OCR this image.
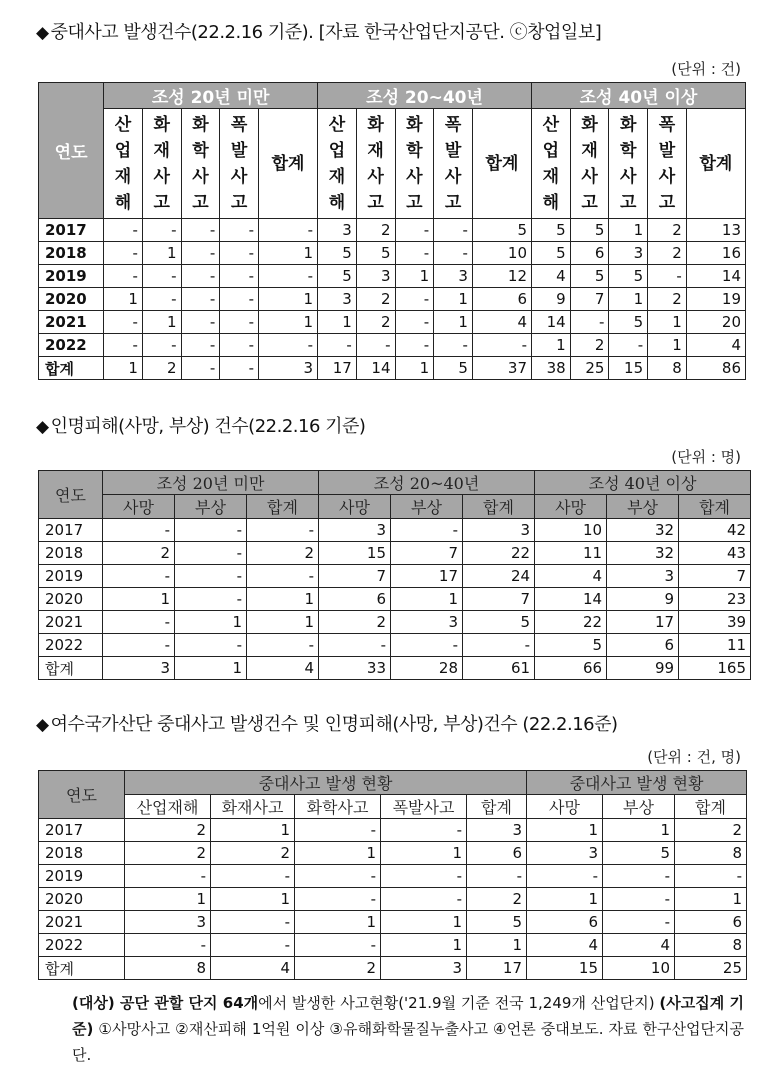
◆ 중대사고 발생건수(22.2.16 기준). [자료 한국산업단지공단. ⓒ창업일보]
(단위 : 건)
연도	조성 20년 미만					조성 20~40년					조성 40년 이상				
	산
업
재
해	화
재
사
고	화
학
사
고	폭
발
사
고	합계	산
업
재
해	화
재
사
고	화
학
사
고	폭
발
사
고	합계	산
업
재
해	화
재
사
고	화
학
사
고	폭
발
사
고	합계
2017	-	-	-	-	-	3	2	-	-	5	5	5	1	2	13
2018	-	1	-	-	1	5	5	-	-	10	5	6	3	2	16
2019	-	-	-	-	-	5	3	1	3	12	4	5	5	-	14
2020	1	-	-	-	1	3	2	-	1	6	9	7	1	2	19
2021	-	1	-	-	1	1	2	-	1	4	14	-	5	1	20
2022	-	-	-	-	-	-	-	-	-	-	1	2	-	1	4
합계	1	2	-	-	3	17	14	1	5	37	38	25	15	8	86
◆ 인명피해(사망, 부상) 건수(22.2.16 기준)
(단위 : 명)
연도	조성 20년 미만			조성 20~40년			조성 40년 이상		
	사망	부상	합계	사망	부상	합계	사망	부상	합계
2017	-	-	-	3	-	3	10	32	42
2018	2	-	2	15	7	22	11	32	43
2019	-	-	-	7	17	24	4	3	7
2020	1	-	1	6	1	7	14	9	23
2021	-	1	1	2	3	5	22	17	39
2022	-	-	-	-	-	-	5	6	11
합계	3	1	4	33	28	61	66	99	165
◆ 여수국가산단 중대사고 발생건수 및 인명피해(사망, 부상)건수 (22.2.16준)
(단위 : 건, 명)
연도	중대사고 발생 현황					중대사고 발생 현황		
	산업재해	화재사고	화학사고	폭발사고	합계	사망	부상	합계
2017	2	1	-	-	3	1	1	2
2018	2	2	1	1	6	3	5	8
2019	-	-	-	-	-	-	-	-
2020	1	1	-	-	2	1	-	1
2021	3	-	1	1	5	6	-	6
2022	-	-	-	1	1	4	4	8
합계	8	4	2	3	17	15	10	25
(대상) 공단 관할 단지 64개에서 발생한 사고현황('21.9월 기준 전국 1,249개 산업단지) (사고집계 기준) ①사망사고 ②재산피해 1억원 이상 ③유해화학물질누출사고 ④언론 중대보도. 자료 한구산업단지공단.
